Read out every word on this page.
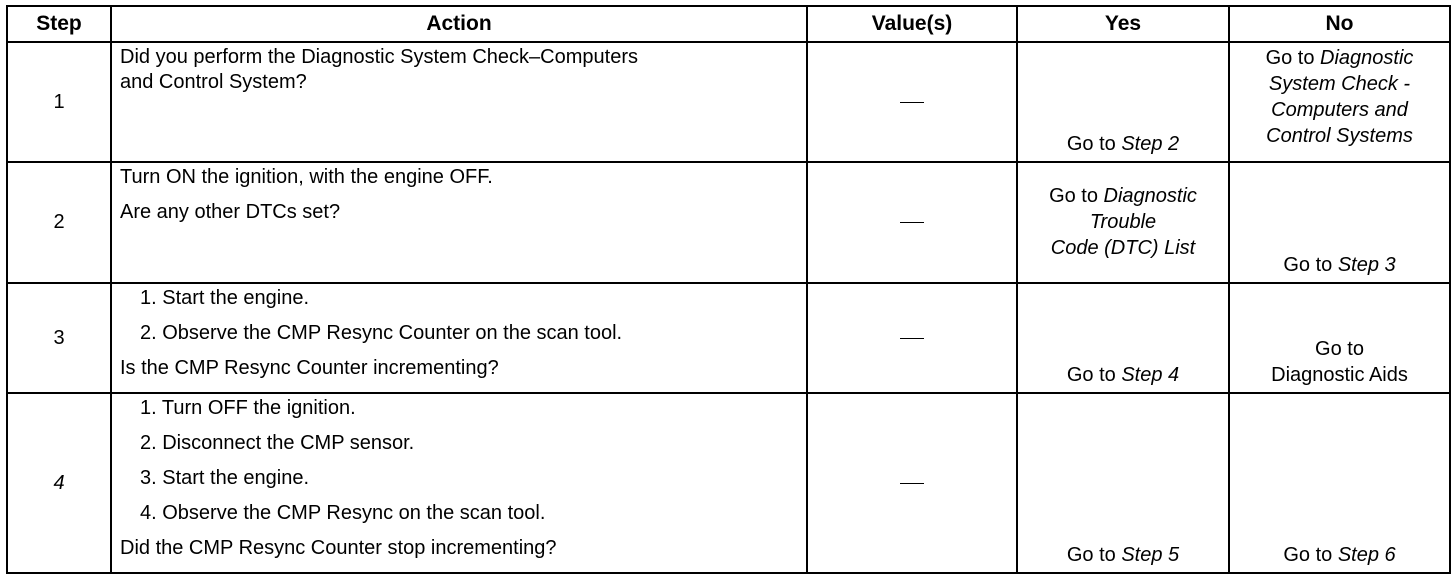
Step	Action	Value(s)	Yes	No
1	Did you perform the Diagnostic System Check–Computers
and Control System?		Go to Step 2	Go to Diagnostic
System Check -
Computers and
Control Systems
2	Turn ON the ignition, with the engine OFF.
Are any other DTCs set?		Go to Diagnostic
Trouble
Code (DTC) List	Go to Step 3
3	1. Start the engine.
2. Observe the CMP Resync Counter on the scan tool.
Is the CMP Resync Counter incrementing?		Go to Step 4	Go to
Diagnostic Aids
4	1. Turn OFF the ignition.
2. Disconnect the CMP sensor.
3. Start the engine.
4. Observe the CMP Resync on the scan tool.
Did the CMP Resync Counter stop incrementing?		Go to Step 5	Go to Step 6
